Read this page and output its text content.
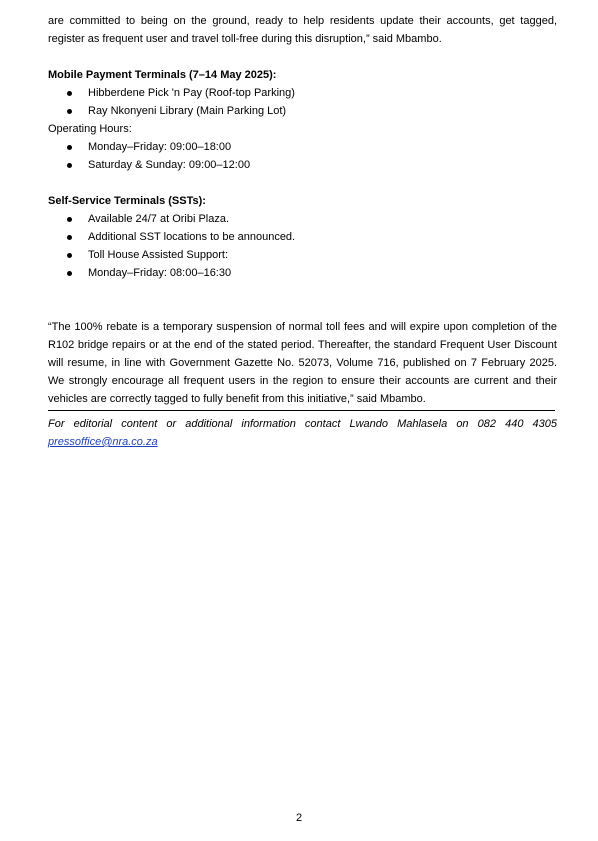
are committed to being on the ground, ready to help residents update their accounts, get tagged, register as frequent user and travel toll-free during this disruption,” said Mbambo.

Mobile Payment Terminals (7–14 May 2025):

Hibberdene Pick 'n Pay (Roof-top Parking)
Ray Nkonyeni Library (Main Parking Lot)

Operating Hours:

Monday–Friday: 09:00–18:00
Saturday & Sunday: 09:00–12:00

Self-Service Terminals (SSTs):

Available 24/7 at Oribi Plaza.
Additional SST locations to be announced.
Toll House Assisted Support:
Monday–Friday: 08:00–16:30

“The 100% rebate is a temporary suspension of normal toll fees and will expire upon completion of the R102 bridge repairs or at the end of the stated period. Thereafter, the standard Frequent User Discount will resume, in line with Government Gazette No. 52073, Volume 716, published on 7 February 2025. We strongly encourage all frequent users in the region to ensure their accounts are current and their vehicles are correctly tagged to fully benefit from this initiative,” said Mbambo.

For editorial content or additional information contact Lwando Mahlasela on 082 440 4305

pressoffice@nra.co.za
2
